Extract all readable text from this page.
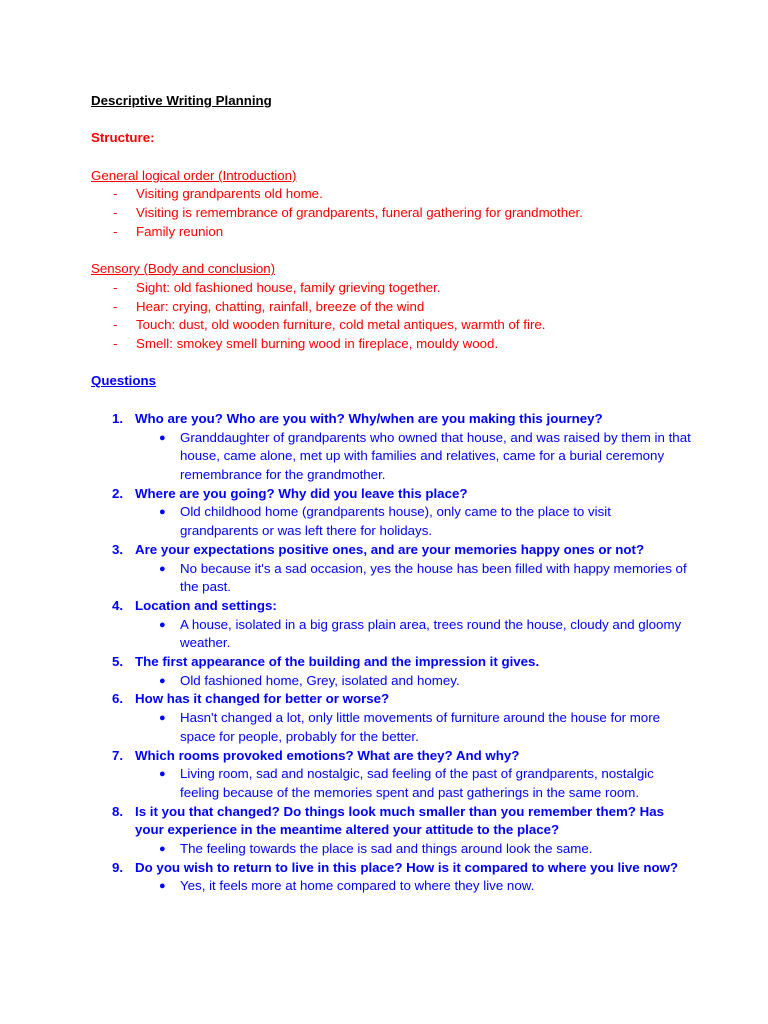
Descriptive Writing Planning
Structure:
General logical order (Introduction)
- Visiting grandparents old home.
- Visiting is remembrance of grandparents, funeral gathering for grandmother.
- Family reunion
Sensory (Body and conclusion)
- Sight: old fashioned house, family grieving together.
- Hear: crying, chatting, rainfall, breeze of the wind
- Touch: dust, old wooden furniture, cold metal antiques, warmth of fire.
- Smell: smokey smell burning wood in fireplace, mouldy wood.
Questions
1. Who are you? Who are you with? Why/when are you making this journey?
● Granddaughter of grandparents who owned that house, and was raised by them in that house, came alone, met up with families and relatives, came for a burial ceremony remembrance for the grandmother.
2. Where are you going? Why did you leave this place?
● Old childhood home (grandparents house), only came to the place to visit grandparents or was left there for holidays.
3. Are your expectations positive ones, and are your memories happy ones or not?
● No because it's a sad occasion, yes the house has been filled with happy memories of the past.
4. Location and settings:
● A house, isolated in a big grass plain area, trees round the house, cloudy and gloomy weather.
5. The first appearance of the building and the impression it gives.
● Old fashioned home, Grey, isolated and homey.
6. How has it changed for better or worse?
● Hasn't changed a lot, only little movements of furniture around the house for more space for people, probably for the better.
7. Which rooms provoked emotions? What are they? And why?
● Living room, sad and nostalgic, sad feeling of the past of grandparents, nostalgic feeling because of the memories spent and past gatherings in the same room.
8. Is it you that changed? Do things look much smaller than you remember them? Has your experience in the meantime altered your attitude to the place?
● The feeling towards the place is sad and things around look the same.
9. Do you wish to return to live in this place? How is it compared to where you live now?
● Yes, it feels more at home compared to where they live now.
